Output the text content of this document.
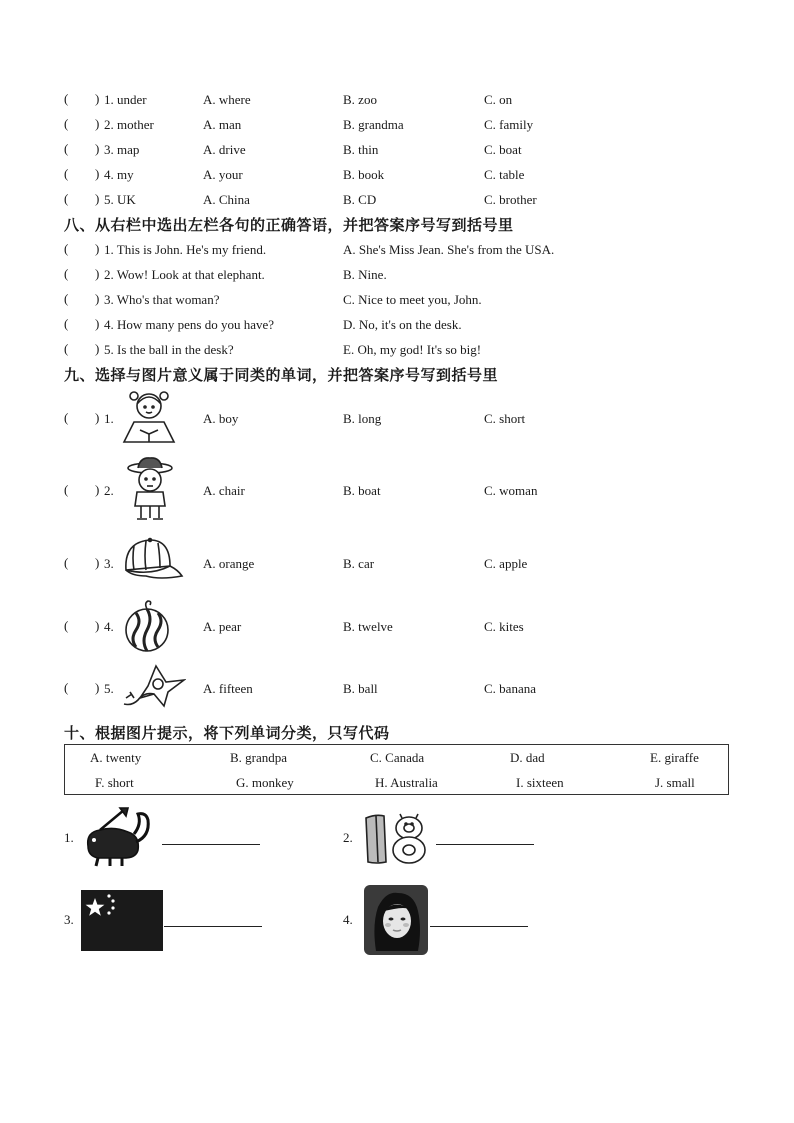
( ) 1. under	A. where	B. zoo	C. on
( ) 2. mother	A. man	B. grandma	C. family
( ) 3. map	A. drive	B. thin	C. boat
( ) 4. my	A. your	B. book	C. table
( ) 5. UK	A. China	B. CD	C. brother
八、从右栏中选出左栏各句的正确答语，并把答案序号写到括号里
( ) 1. This is John. He's my friend.	A. She's Miss Jean. She's from the USA.
( ) 2. Wow! Look at that elephant.	B. Nine.
( ) 3. Who's that woman?	C. Nice to meet you, John.
( ) 4. How many pens do you have?	D. No, it's on the desk.
( ) 5. Is the ball in the desk?	E. Oh, my god! It's so big!
九、选择与图片意义属于同类的单词，并把答案序号写到括号里
( ) 1.	A. boy	B. long	C. short
( ) 2.	A. chair	B. boat	C. woman
( ) 3.	A. orange	B. car	C. apple
( ) 4.	A. pear	B. twelve	C. kites
( ) 5.	A. fifteen	B. ball	C. banana
十、根据图片提示，将下列单词分类，只写代码
A. twenty	B. grandpa	C. Canada	D. dad	E. giraffe
F. short	G. monkey	H. Australia	I. sixteen	J. small
1.	2.
3.	4.
